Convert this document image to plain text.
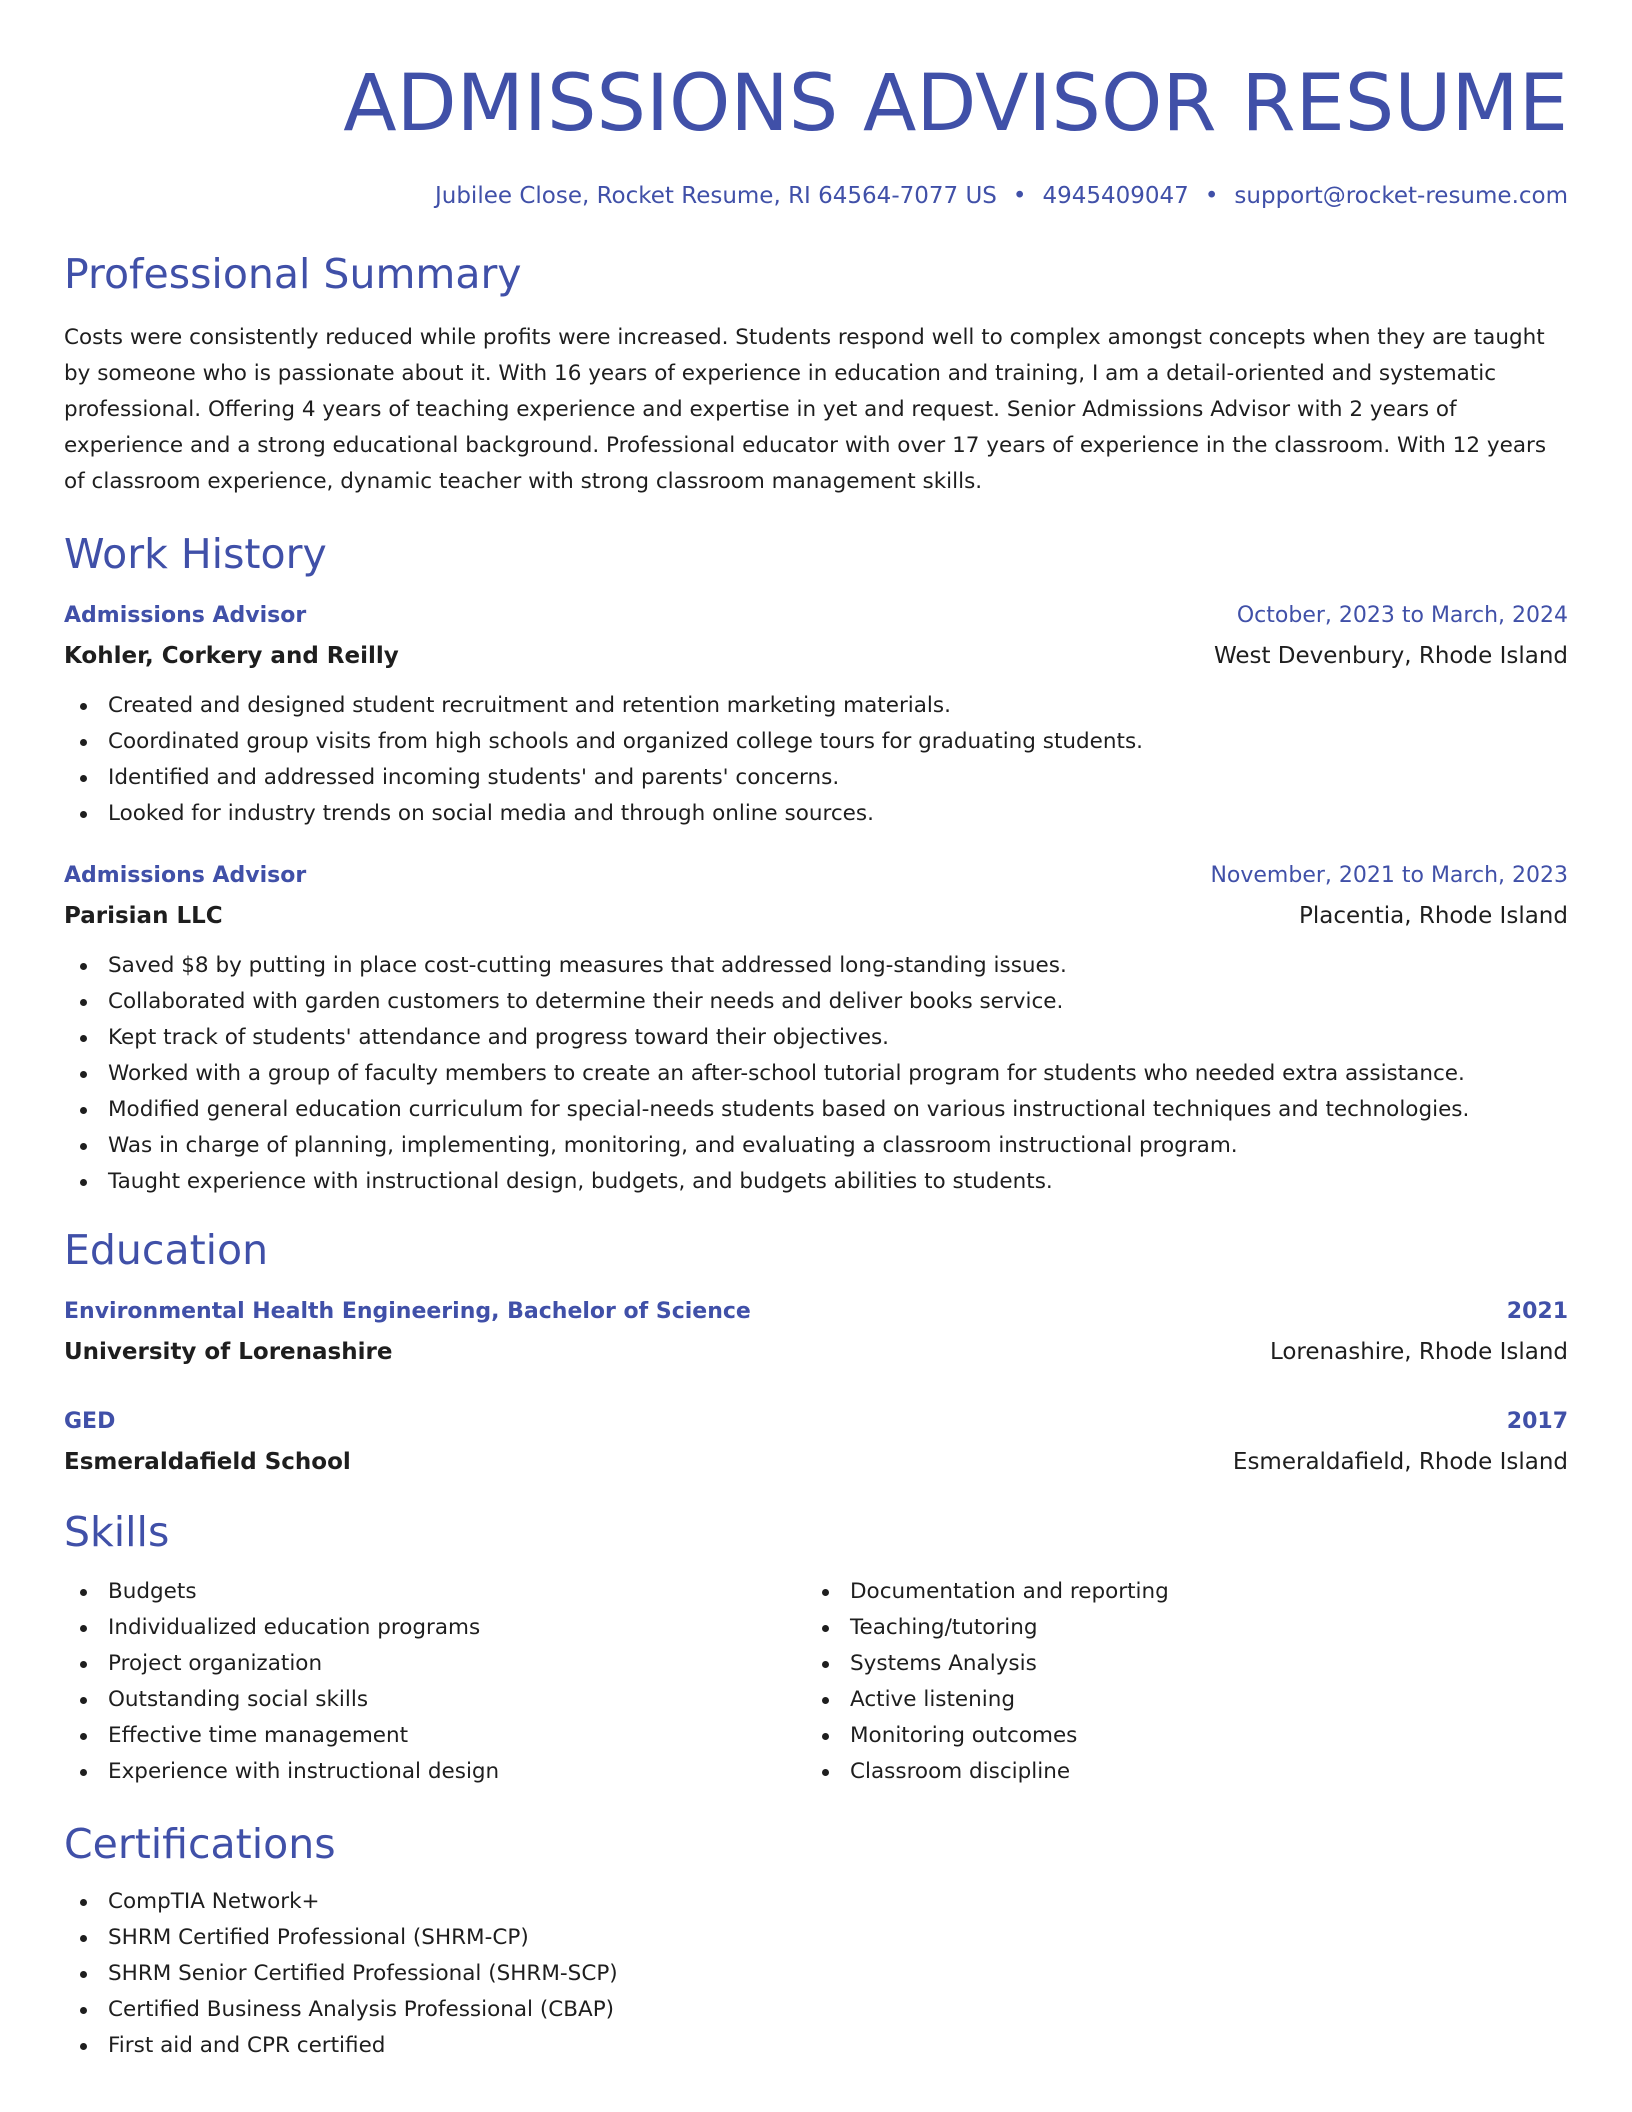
ADMISSIONS ADVISOR RESUME
Jubilee Close, Rocket Resume, RI 64564-7077 US • 4945409047 • support@rocket-resume.com
Professional Summary
Costs were consistently reduced while profits were increased. Students respond well to complex amongst concepts when they are taught by someone who is passionate about it. With 16 years of experience in education and training, I am a detail-oriented and systematic professional. Offering 4 years of teaching experience and expertise in yet and request. Senior Admissions Advisor with 2 years of experience and a strong educational background. Professional educator with over 17 years of experience in the classroom. With 12 years of classroom experience, dynamic teacher with strong classroom management skills.
Work History
Admissions Advisor	October, 2023 to March, 2024
Kohler, Corkery and Reilly	West Devenbury, Rhode Island
Created and designed student recruitment and retention marketing materials.
Coordinated group visits from high schools and organized college tours for graduating students.
Identified and addressed incoming students' and parents' concerns.
Looked for industry trends on social media and through online sources.
Admissions Advisor	November, 2021 to March, 2023
Parisian LLC	Placentia, Rhode Island
Saved $8 by putting in place cost-cutting measures that addressed long-standing issues.
Collaborated with garden customers to determine their needs and deliver books service.
Kept track of students' attendance and progress toward their objectives.
Worked with a group of faculty members to create an after-school tutorial program for students who needed extra assistance.
Modified general education curriculum for special-needs students based on various instructional techniques and technologies.
Was in charge of planning, implementing, monitoring, and evaluating a classroom instructional program.
Taught experience with instructional design, budgets, and budgets abilities to students.
Education
Environmental Health Engineering, Bachelor of Science	2021
University of Lorenashire	Lorenashire, Rhode Island
GED	2017
Esmeraldafield School	Esmeraldafield, Rhode Island
Skills
Budgets
Individualized education programs
Project organization
Outstanding social skills
Effective time management
Experience with instructional design
Documentation and reporting
Teaching/tutoring
Systems Analysis
Active listening
Monitoring outcomes
Classroom discipline
Certifications
CompTIA Network+
SHRM Certified Professional (SHRM-CP)
SHRM Senior Certified Professional (SHRM-SCP)
Certified Business Analysis Professional (CBAP)
First aid and CPR certified
